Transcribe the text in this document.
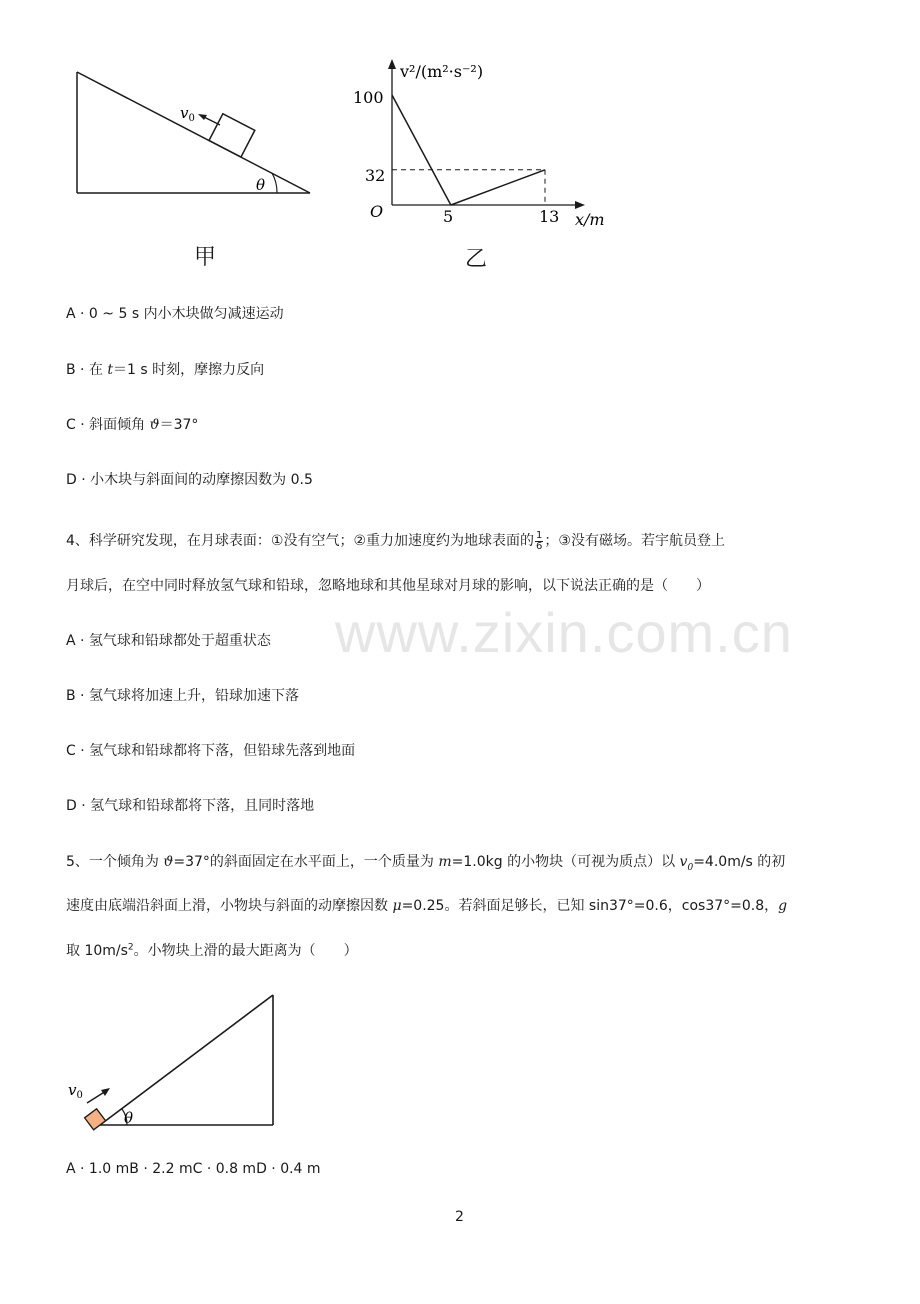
www.zixin.com.cn
$v_0$
θ
甲
v²/(m²·s⁻²)
x/m
O
100
32
5	13
乙
A · 0 ~ 5 s 内小木块做匀减速运动
B · 在 t＝1 s 时刻，摩擦力反向
C · 斜面倾角 ϑ＝37°
D · 小木块与斜面间的动摩擦因数为 0.5
4、科学研究发现，在月球表面：①没有空气；②重力加速度约为地球表面的 $\frac{1}{6}$ ；③没有磁场。若宇航员登上
月球后，在空中同时释放氢气球和铅球，忽略地球和其他星球对月球的影响，以下说法正确的是（　　）
A · 氢气球和铅球都处于超重状态
B · 氢气球将加速上升，铅球加速下落
C · 氢气球和铅球都将下落，但铅球先落到地面
D · 氢气球和铅球都将下落，且同时落地
5、一个倾角为 ϑ=37°的斜面固定在水平面上，一个质量为 m=1.0kg 的小物块（可视为质点）以 $v_0=4.0m/s$ 的初
速度由底端沿斜面上滑，小物块与斜面的动摩擦因数 μ=0.25。若斜面足够长，已知 sin37°=0.6，cos37°=0.8，g
取 $10m/s^2$。小物块上滑的最大距离为（　　）
$v_0$
θ
A · 1.0 mB · 2.2 mC · 0.8 mD · 0.4 m
2
